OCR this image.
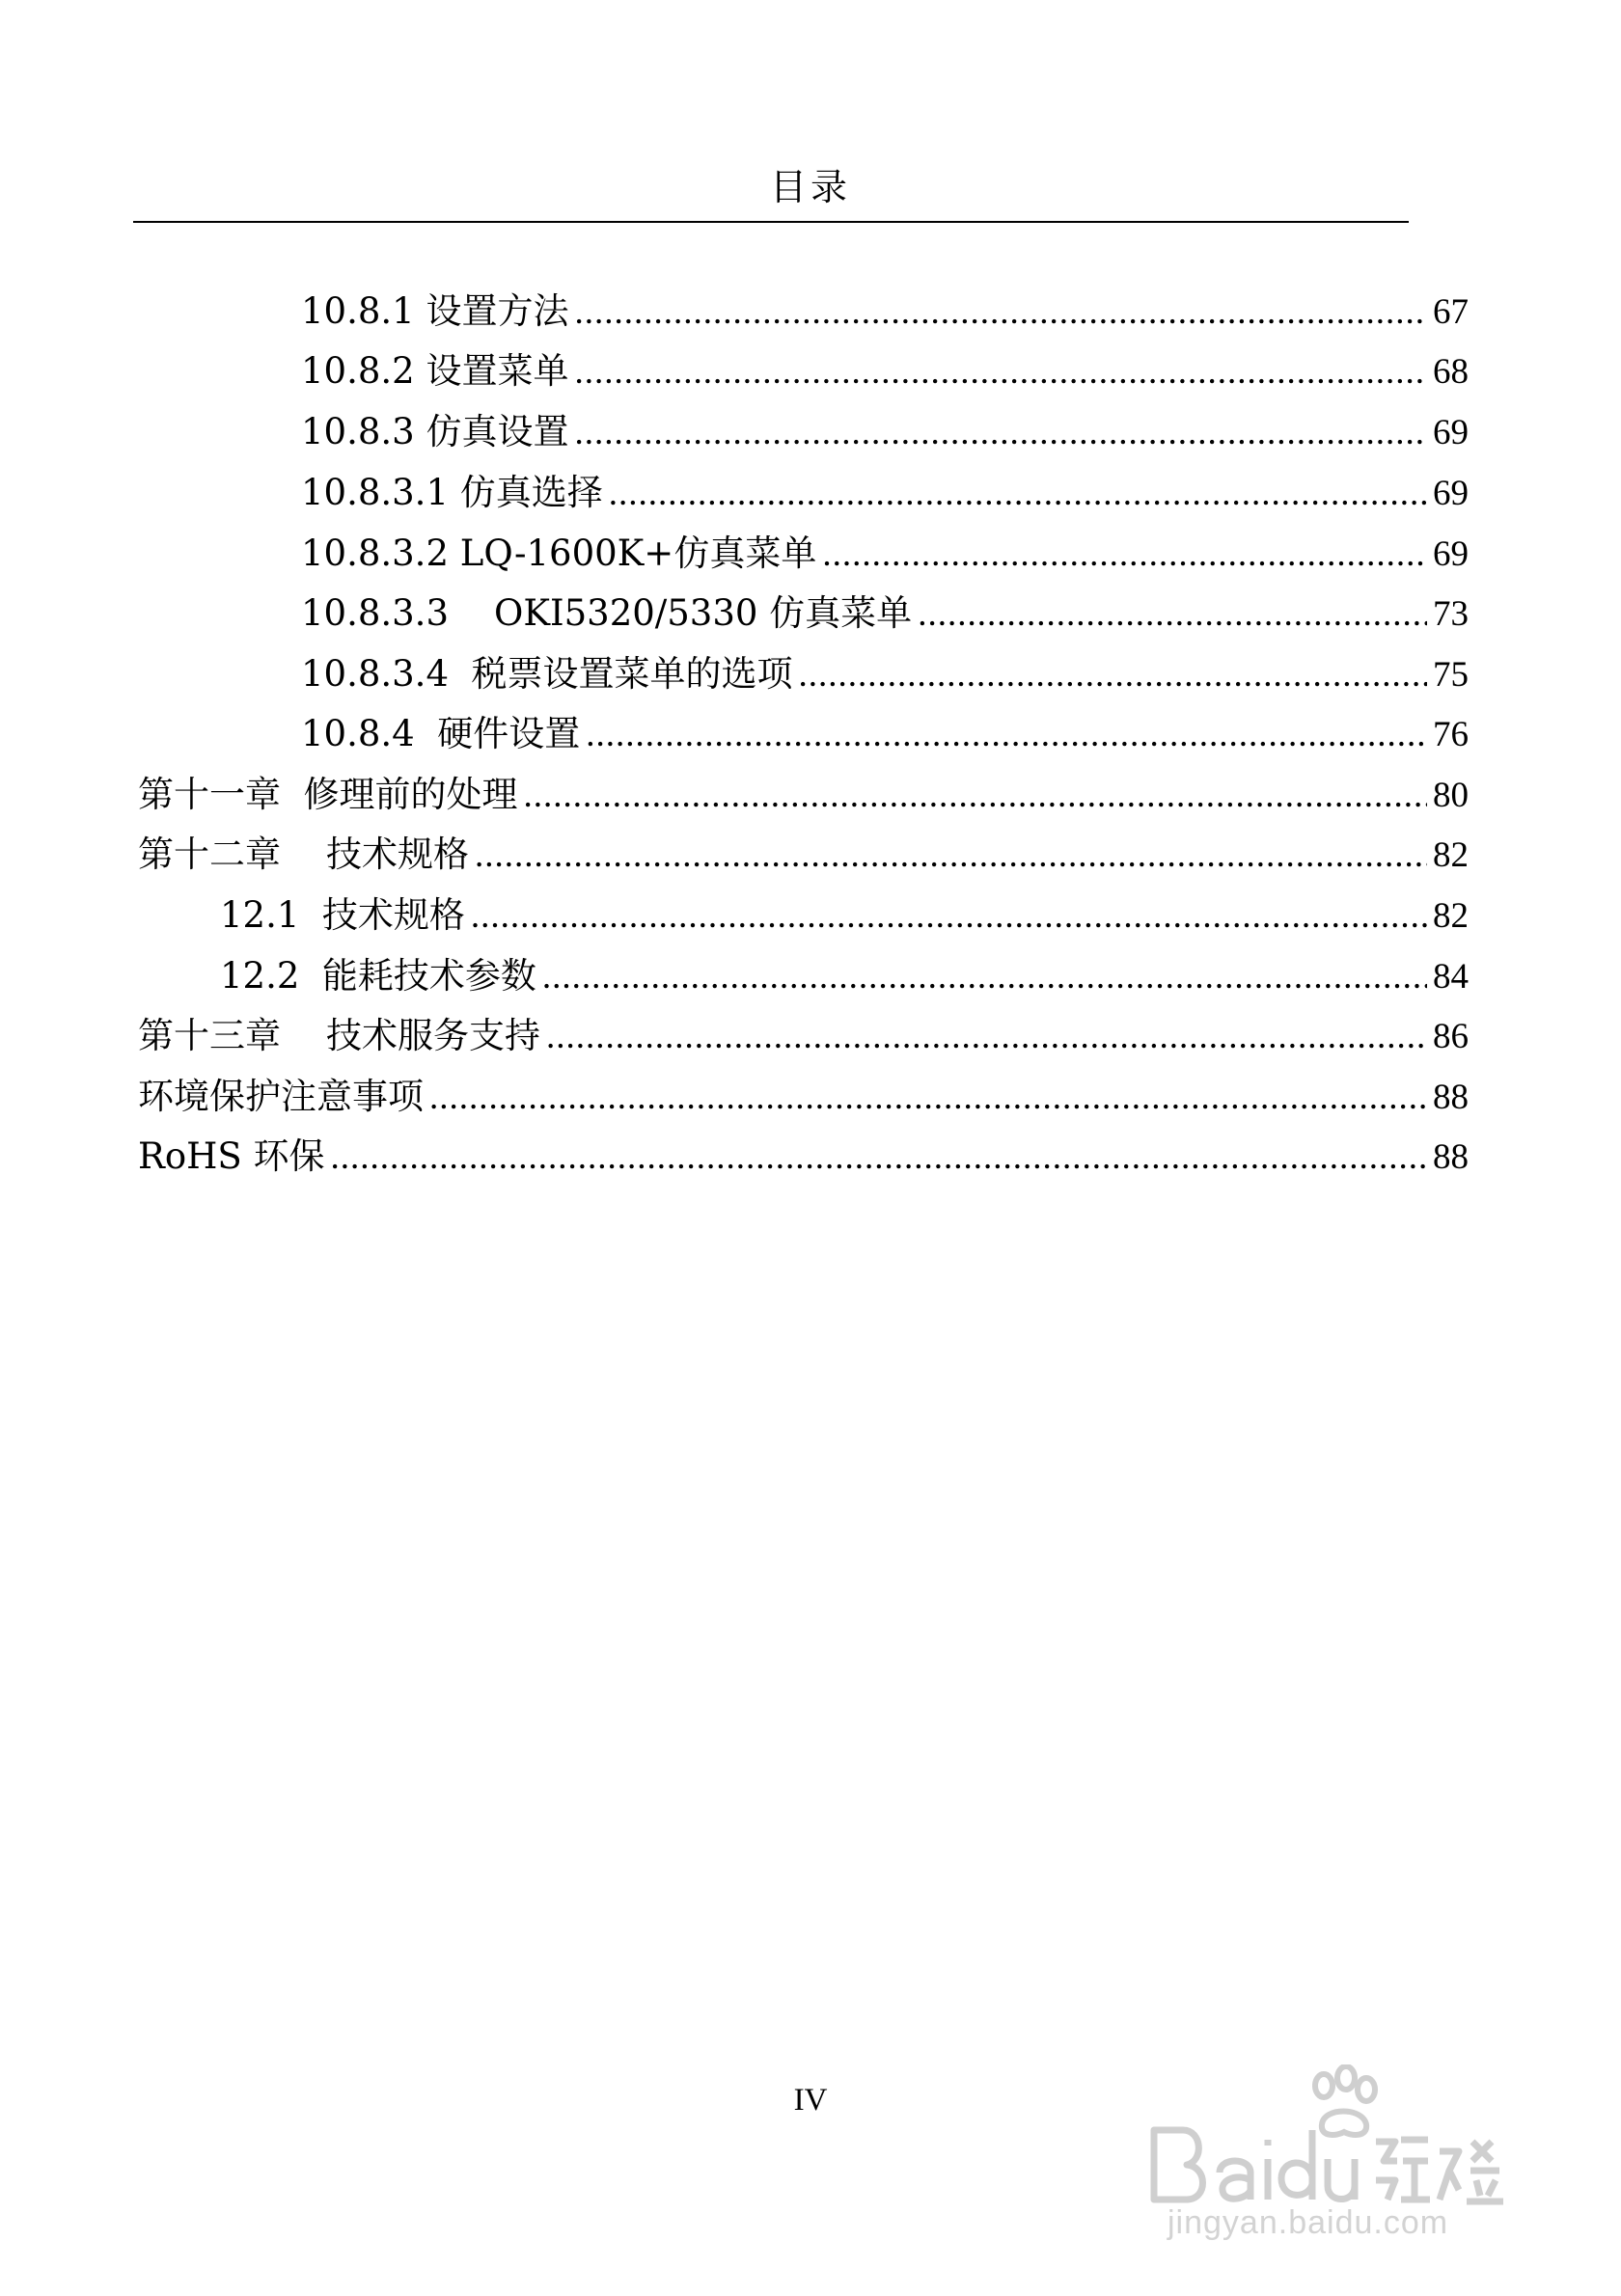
目录
10.8.1 设置方法 .....	67
10.8.2 设置菜单 .....	68
10.8.3 仿真设置 .....	69
10.8.3.1 仿真选择 .....	69
10.8.3.2 LQ-1600K+仿真菜单 .....	69
10.8.3.3    OKI5320/5330 仿真菜单 .....	73
10.8.3.4  税票设置菜单的选项 .....	75
10.8.4  硬件设置 .....	76
第十一章  修理前的处理 .....	80
第十二章    技术规格 .....	82
12.1  技术规格 .....	82
12.2  能耗技术参数 .....	84
第十三章    技术服务支持 .....	86
环境保护注意事项 .....	88
RoHS 环保 .....	88
IV
jingyan.baidu.com
